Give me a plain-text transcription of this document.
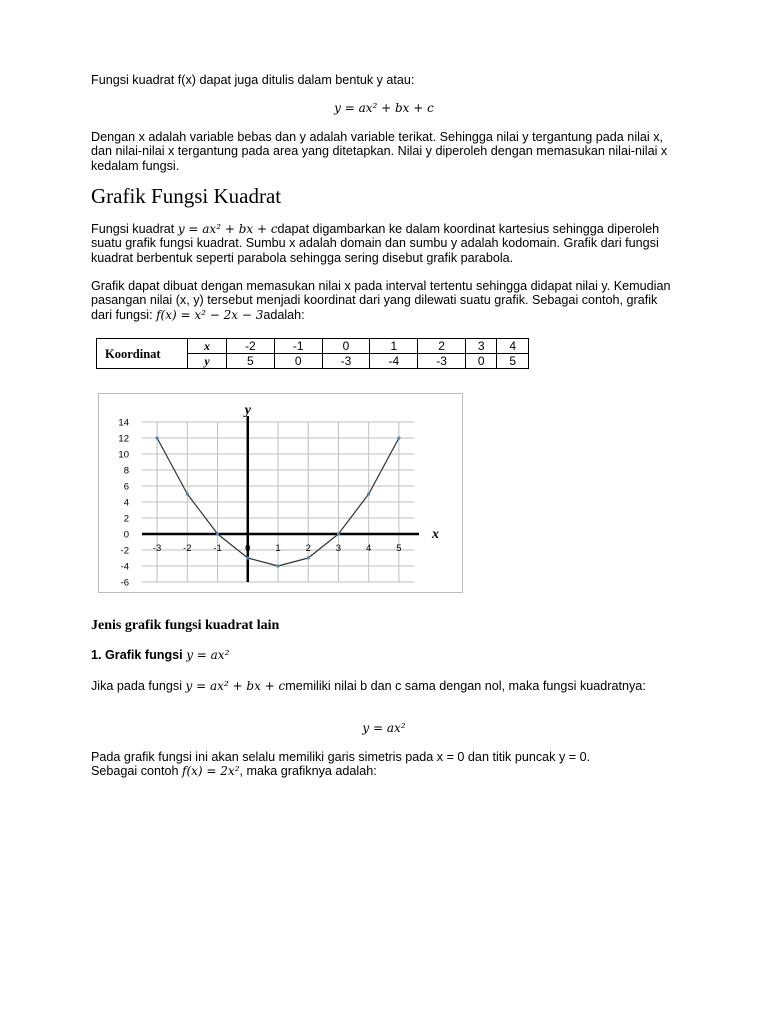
Fungsi kuadrat f(x) dapat juga ditulis dalam bentuk y atau:

y = ax² + bx + c

Dengan x adalah variable bebas dan y adalah variable terikat. Sehingga nilai y tergantung pada nilai x, dan nilai-nilai x tergantung pada area yang ditetapkan. Nilai y diperoleh dengan memasukan nilai-nilai x kedalam fungsi.

Grafik Fungsi Kuadrat

Fungsi kuadrat y = ax² + bx + cdapat digambarkan ke dalam koordinat kartesius sehingga diperoleh suatu grafik fungsi kuadrat. Sumbu x adalah domain dan sumbu y adalah kodomain. Grafik dari fungsi kuadrat berbentuk seperti parabola sehingga sering disebut grafik parabola.

Grafik dapat dibuat dengan memasukan nilai x pada interval tertentu sehingga didapat nilai y. Kemudian pasangan nilai (x, y) tersebut menjadi koordinat dari yang dilewati suatu grafik. Sebagai contoh, grafik dari fungsi: f(x) = x² − 2x − 3adalah:

Koordinat	x	-2	-1	0	1	2	3	4
	y	5	0	-3	-4	-3	0	5
14
12
10
8
6
4
2
0
-2
-4
-6
-3 -2 -1 0	1	2	3	4	5
x
y
Jenis grafik fungsi kuadrat lain

1. Grafik fungsi y = ax²

Jika pada fungsi y = ax² + bx + cmemiliki nilai b dan c sama dengan nol, maka fungsi kuadratnya:

y = ax²

Pada grafik fungsi ini akan selalu memiliki garis simetris pada x = 0 dan titik puncak y = 0.
Sebagai contoh f(x) = 2x², maka grafiknya adalah:
